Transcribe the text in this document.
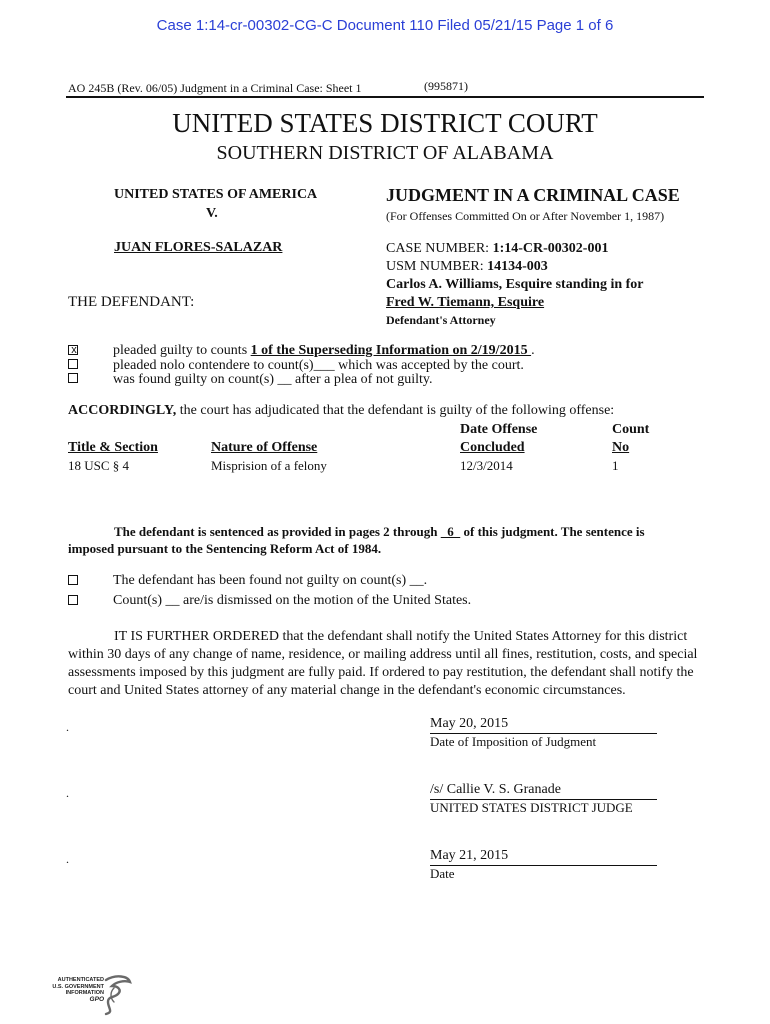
Case 1:14-cr-00302-CG-C Document 110 Filed 05/21/15 Page 1 of 6
AO 245B (Rev. 06/05) Judgment in a Criminal Case: Sheet 1	(995871)
UNITED STATES DISTRICT COURT
SOUTHERN DISTRICT OF ALABAMA
UNITED STATES OF AMERICA
V.
JUAN FLORES-SALAZAR
THE DEFENDANT:
JUDGMENT IN A CRIMINAL CASE
(For Offenses Committed On or After November 1, 1987)
CASE NUMBER: 1:14-CR-00302-001
USM NUMBER: 14134-003
Carlos A. Williams, Esquire standing in for
Fred W. Tiemann, Esquire
Defendant's Attorney
x	pleaded guilty to counts 1 of the Superseding Information on 2/19/2015 .
pleaded nolo contendere to count(s)___ which was accepted by the court.
was found guilty on count(s) __ after a plea of not guilty.
ACCORDINGLY, the court has adjudicated that the defendant is guilty of the following offense:
Date Offense	Count
Title & Section	Nature of Offense	Concluded	No
18 USC § 4	Misprision of a felony	12/3/2014	1
The defendant is sentenced as provided in pages 2 through   6   of this judgment. The sentence is
imposed pursuant to the Sentencing Reform Act of 1984.
The defendant has been found not guilty on count(s) __.
Count(s) __ are/is dismissed on the motion of the United States.
IT IS FURTHER ORDERED that the defendant shall notify the United States Attorney for this district within 30 days of any change of name, residence, or mailing address until all fines, restitution, costs, and special assessments imposed by this judgment are fully paid. If ordered to pay restitution, the defendant shall notify the court and United States attorney of any material change in the defendant's economic circumstances.
.	May 20, 2015
Date of Imposition of Judgment
.	/s/ Callie V. S. Granade
UNITED STATES DISTRICT JUDGE
.	May 21, 2015
Date
AUTHENTICATED
U.S. GOVERNMENT
INFORMATION
GPO
